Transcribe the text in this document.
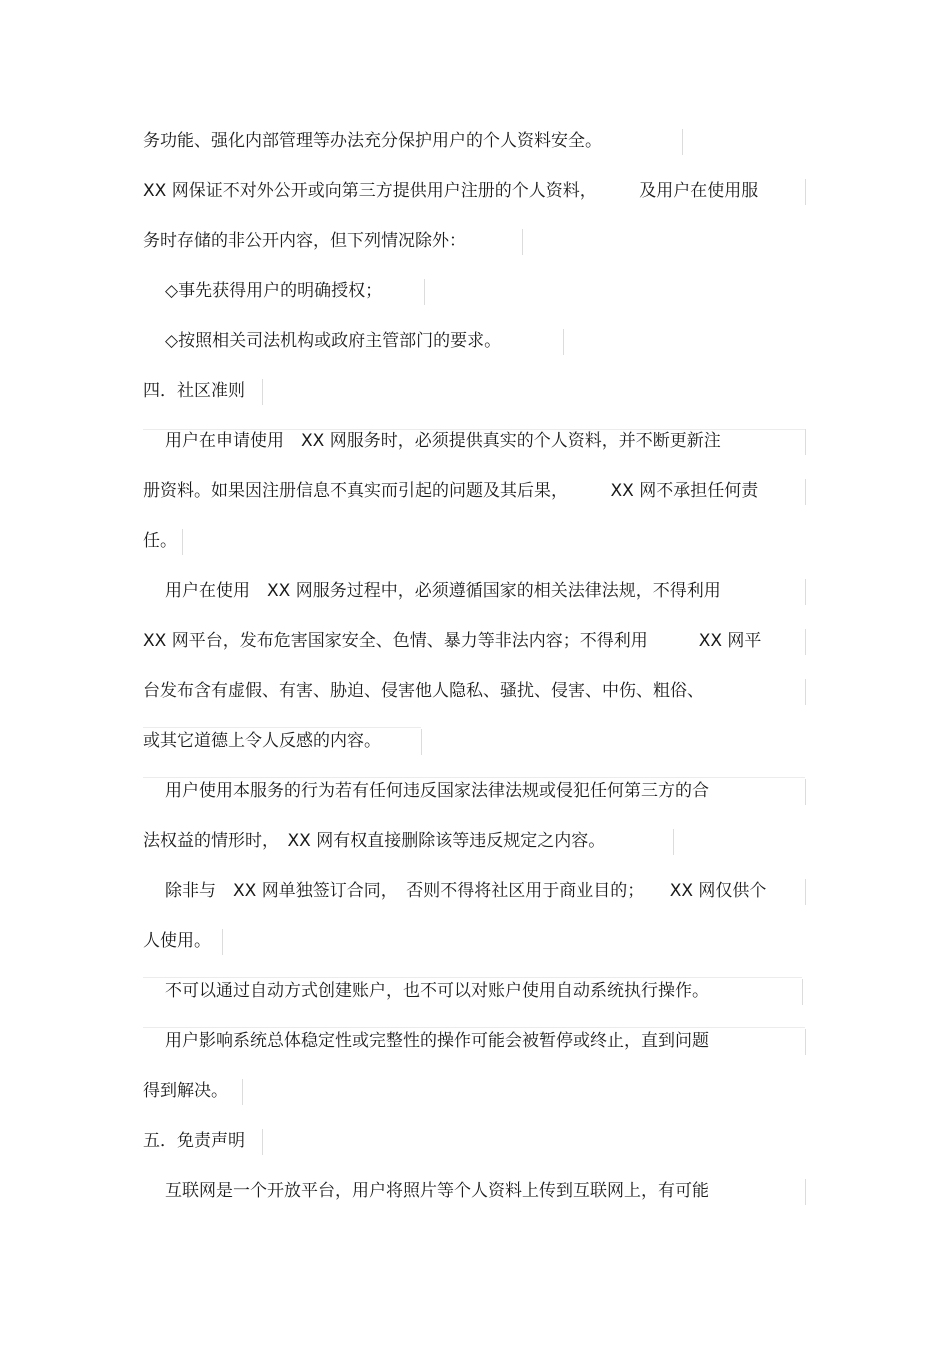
务功能、强化内部管理等办法充分保护用户的个人资料安全。
XX 网保证不对外公开或向第三方提供用户注册的个人资料，　　　及用户在使用服
务时存储的非公开内容，但下列情况除外：
◇事先获得用户的明确授权；
◇按照相关司法机构或政府主管部门的要求。
四．社区准则
用户在申请使用　XX 网服务时，必须提供真实的个人资料，并不断更新注
册资料。如果因注册信息不真实而引起的问题及其后果，　　　XX 网不承担任何责
任。
用户在使用　XX 网服务过程中，必须遵循国家的相关法律法规，不得利用
XX 网平台，发布危害国家安全、色情、暴力等非法内容；不得利用　　　XX 网平
台发布含有虚假、有害、胁迫、侵害他人隐私、骚扰、侵害、中伤、粗俗、
或其它道德上令人反感的内容。
用户使用本服务的行为若有任何违反国家法律法规或侵犯任何第三方的合
法权益的情形时，　XX 网有权直接删除该等违反规定之内容。
除非与　XX 网单独签订合同，　否则不得将社区用于商业目的；　　XX 网仅供个
人使用。
不可以通过自动方式创建账户，也不可以对账户使用自动系统执行操作。
用户影响系统总体稳定性或完整性的操作可能会被暂停或终止，直到问题
得到解决。
五．免责声明
互联网是一个开放平台，用户将照片等个人资料上传到互联网上，有可能
